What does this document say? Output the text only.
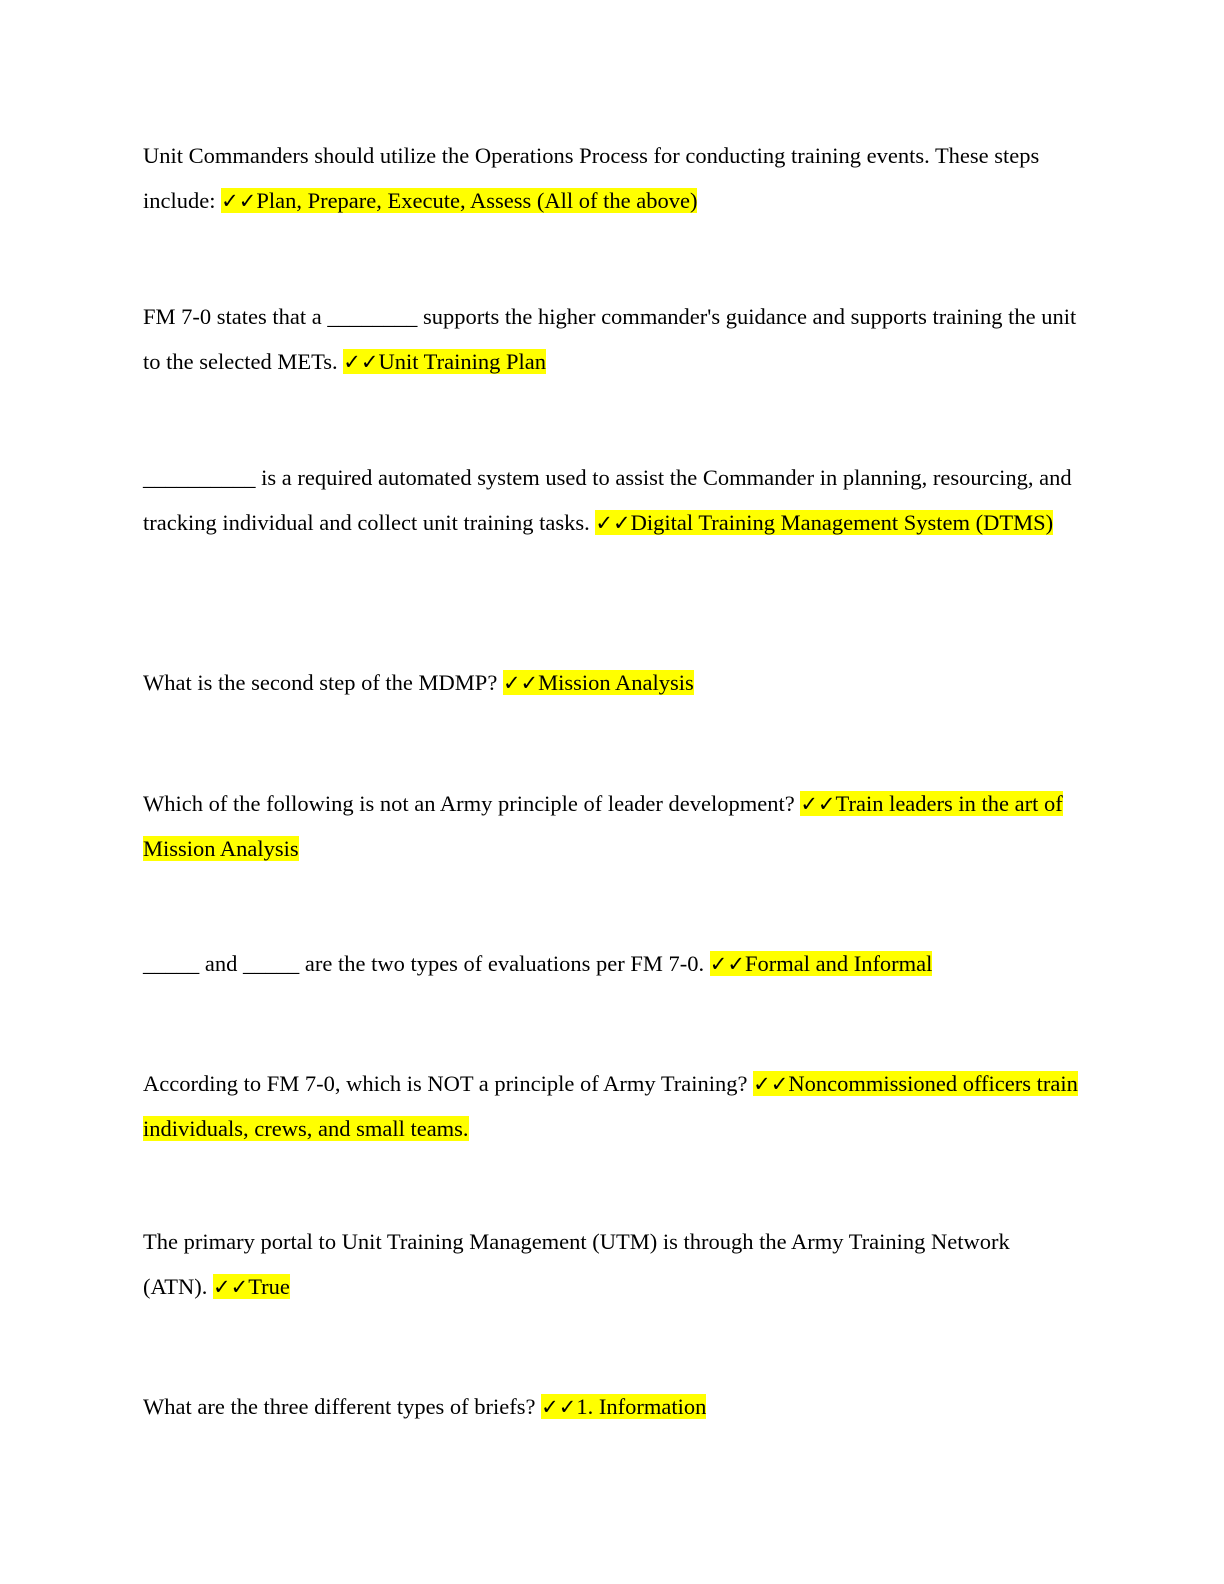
Unit Commanders should utilize the Operations Process for conducting training events. These steps include: ✓✓Plan, Prepare, Execute, Assess (All of the above)

FM 7-0 states that a ________ supports the higher commander's guidance and supports training the unit to the selected METs. ✓✓Unit Training Plan

__________ is a required automated system used to assist the Commander in planning, resourcing, and tracking individual and collect unit training tasks. ✓✓Digital Training Management System (DTMS)

What is the second step of the MDMP? ✓✓Mission Analysis

Which of the following is not an Army principle of leader development? ✓✓Train leaders in the art of Mission Analysis

_____ and _____ are the two types of evaluations per FM 7-0. ✓✓Formal and Informal

According to FM 7-0, which is NOT a principle of Army Training? ✓✓Noncommissioned officers train individuals, crews, and small teams.

The primary portal to Unit Training Management (UTM) is through the Army Training Network (ATN). ✓✓True

What are the three different types of briefs? ✓✓1. Information
